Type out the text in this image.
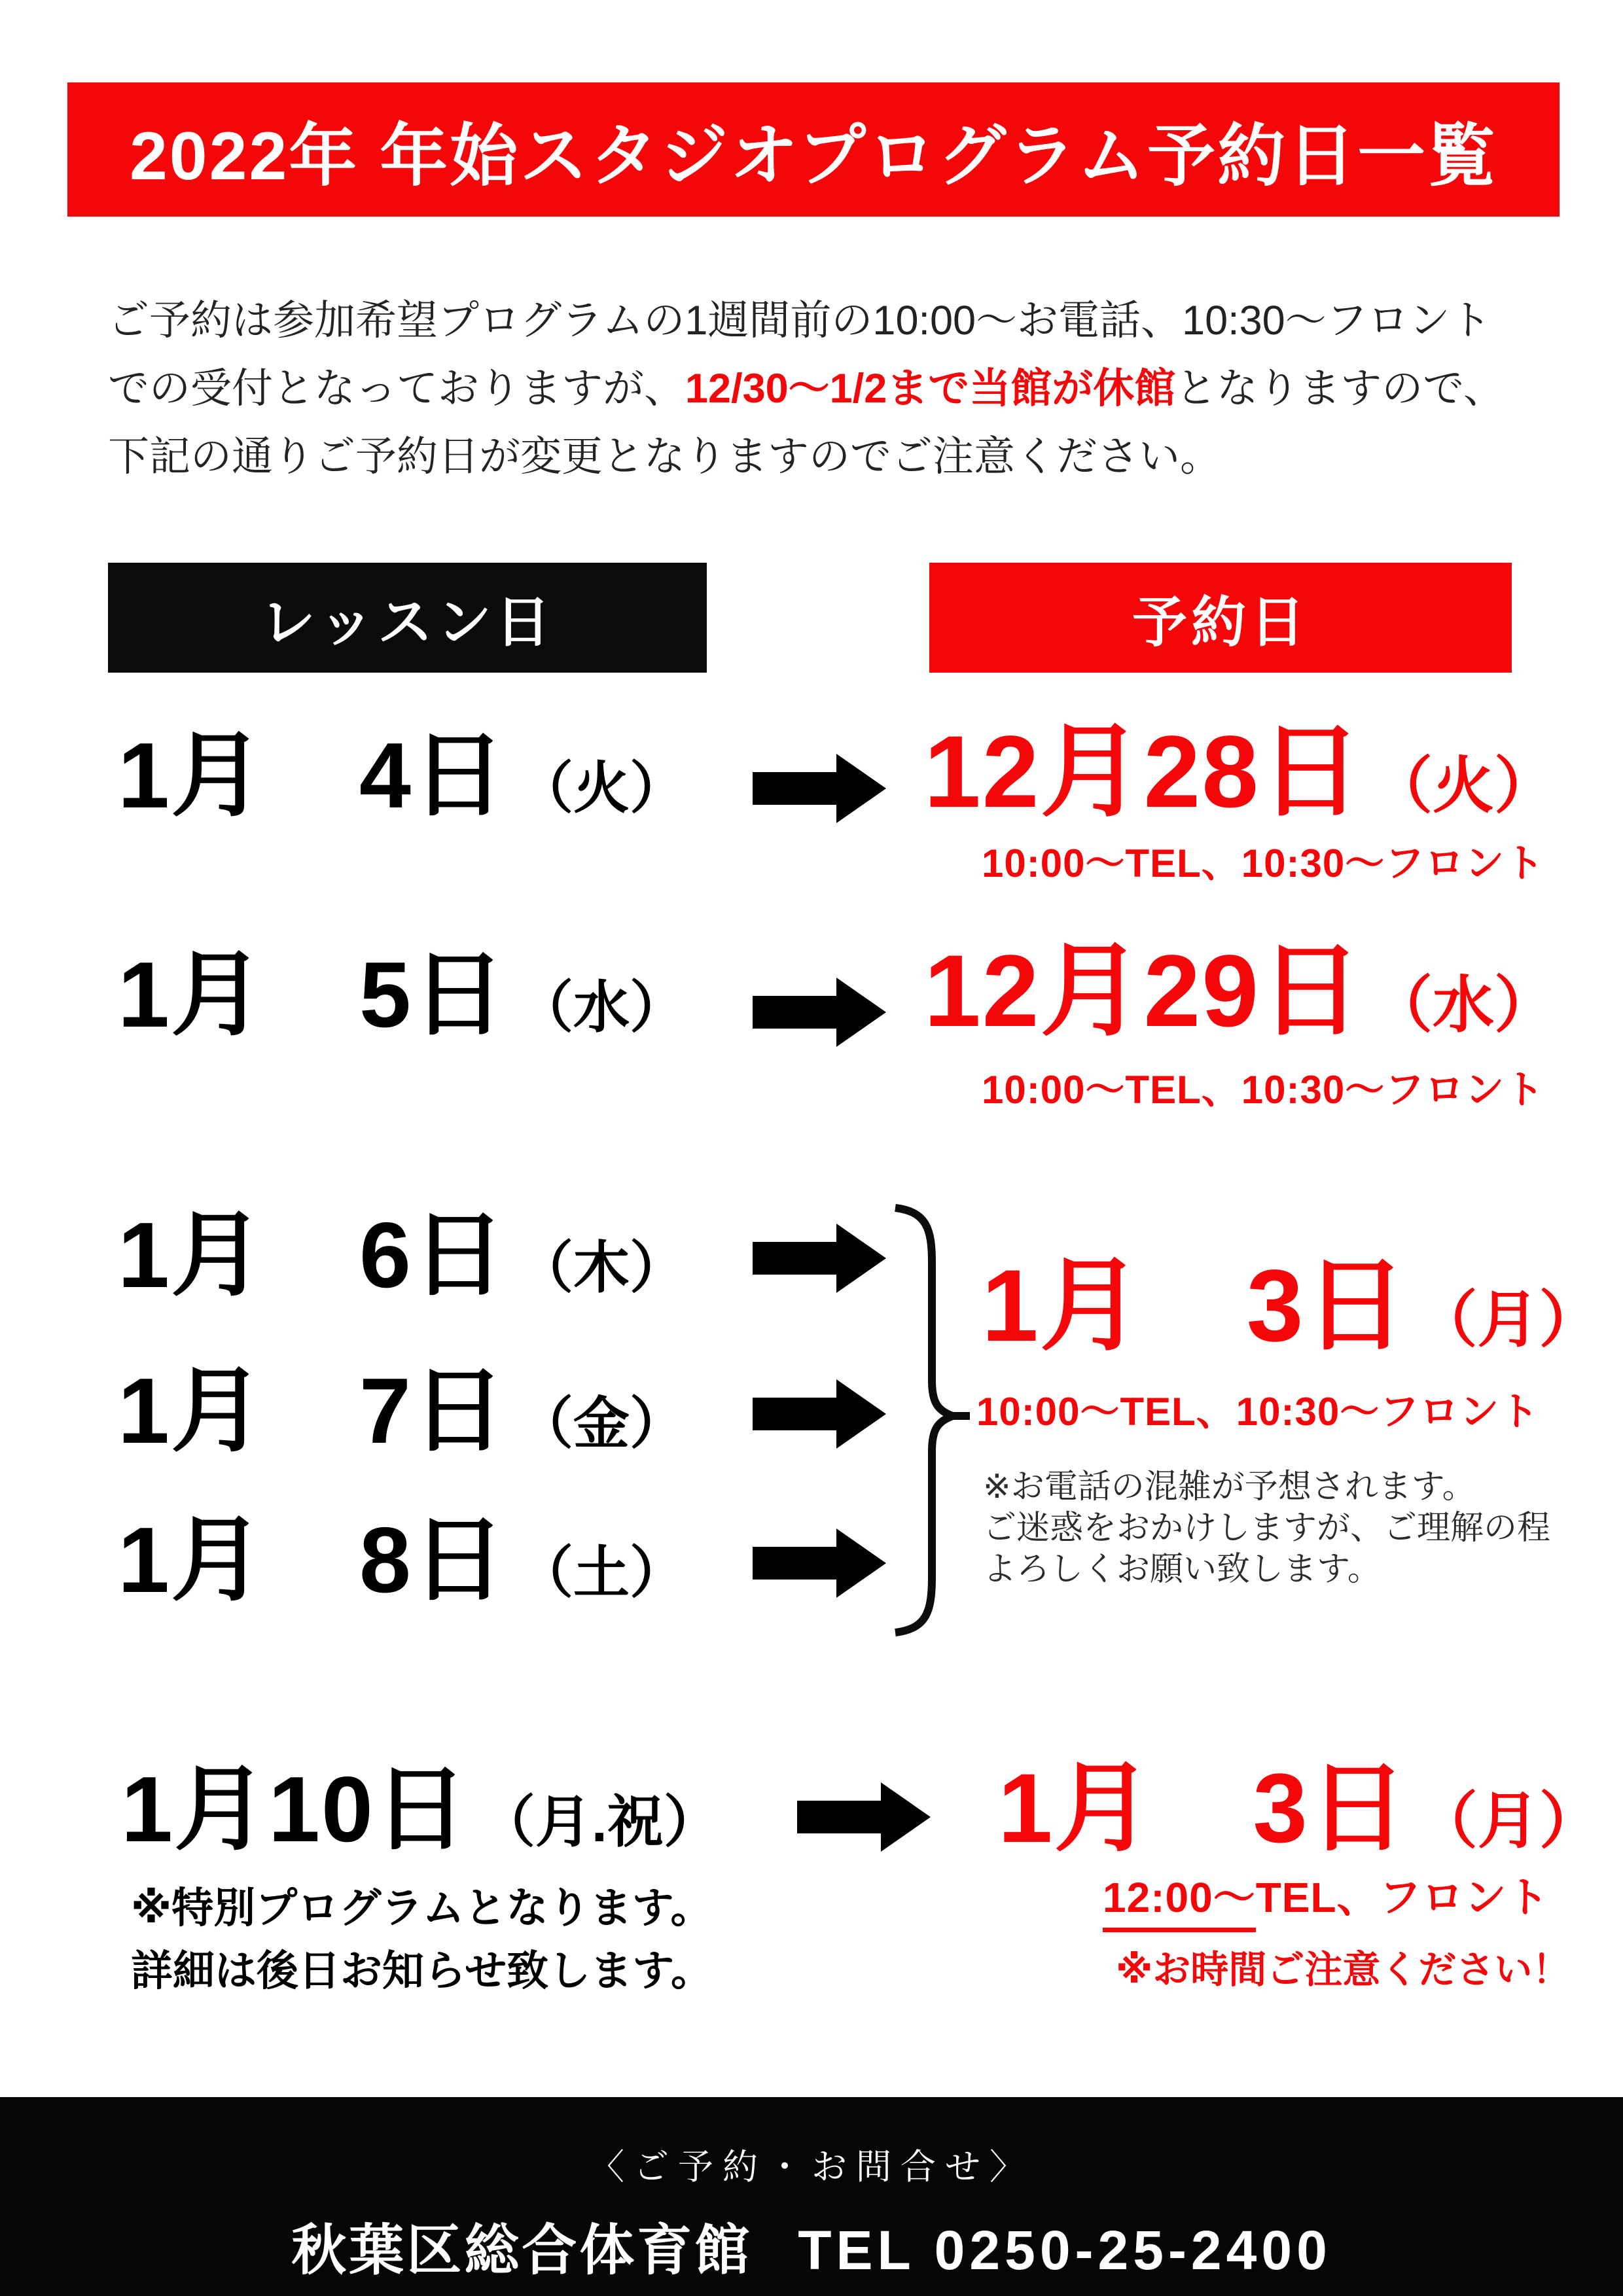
2022年 年始スタジオプログラム予約日一覧
ご予約は参加希望プログラムの1週間前の10:00～お電話、10:30～フロント
での受付となっておりますが、12/30～1/2まで当館が休館となりますので、
下記の通りご予約日が変更となりますのでご注意ください。
レッスン日	予約日
1月　4日 （火） 12月28日 （火）
10:00～TEL、10:30～フロント
1月　5日 （水） 12月29日 （水）
10:00～TEL、10:30～フロント
1月　6日 （木）
1月　7日 （金）
1月　8日 （土）
1月　3日 （月）
10:00～TEL、10:30～フロント
※お電話の混雑が予想されます。
ご迷惑をおかけしますが、ご理解の程
よろしくお願い致します。
1月10日 （月.祝）
※特別プログラムとなります。
詳細は後日お知らせ致します。
1月　3日 （月）
12:00～TEL、フロント
※お時間ご注意ください！
〈ご予約・お問合せ〉
秋葉区総合体育館 TEL 0250-25-2400
